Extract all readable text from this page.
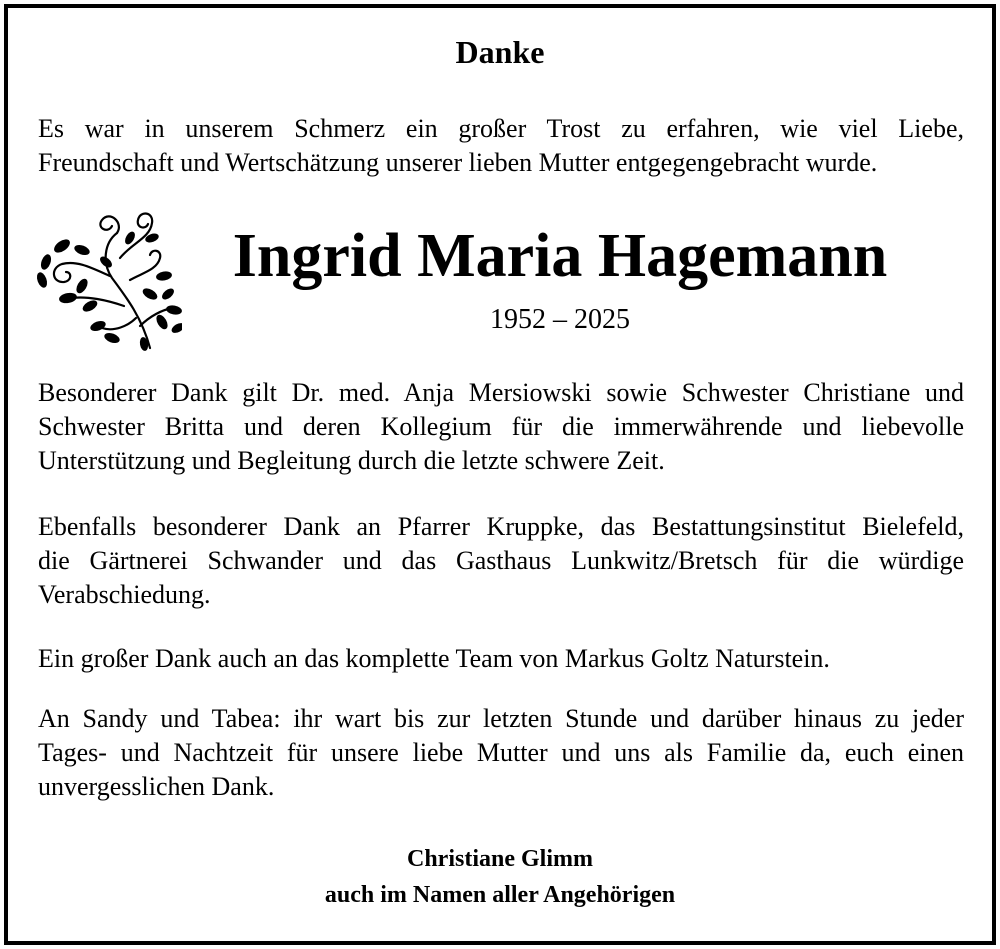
Danke
Es war in unserem Schmerz ein großer Trost zu erfahren, wie viel Liebe,
Freundschaft und Wertschätzung unserer lieben Mutter entgegengebracht wurde.
Ingrid Maria Hagemann
1952 – 2025
Besonderer Dank gilt Dr. med. Anja Mersiowski sowie Schwester Christiane und
Schwester Britta und deren Kollegium für die immerwährende und liebevolle
Unterstützung und Begleitung durch die letzte schwere Zeit.
Ebenfalls besonderer Dank an Pfarrer Kruppke, das Bestattungsinstitut Bielefeld,
die Gärtnerei Schwander und das Gasthaus Lunkwitz/Bretsch für die würdige
Verabschiedung.
Ein großer Dank auch an das komplette Team von Markus Goltz Naturstein.
An Sandy und Tabea: ihr wart bis zur letzten Stunde und darüber hinaus zu jeder
Tages- und Nachtzeit für unsere liebe Mutter und uns als Familie da, euch einen
unvergesslichen Dank.
Christiane Glimm
auch im Namen aller Angehörigen
